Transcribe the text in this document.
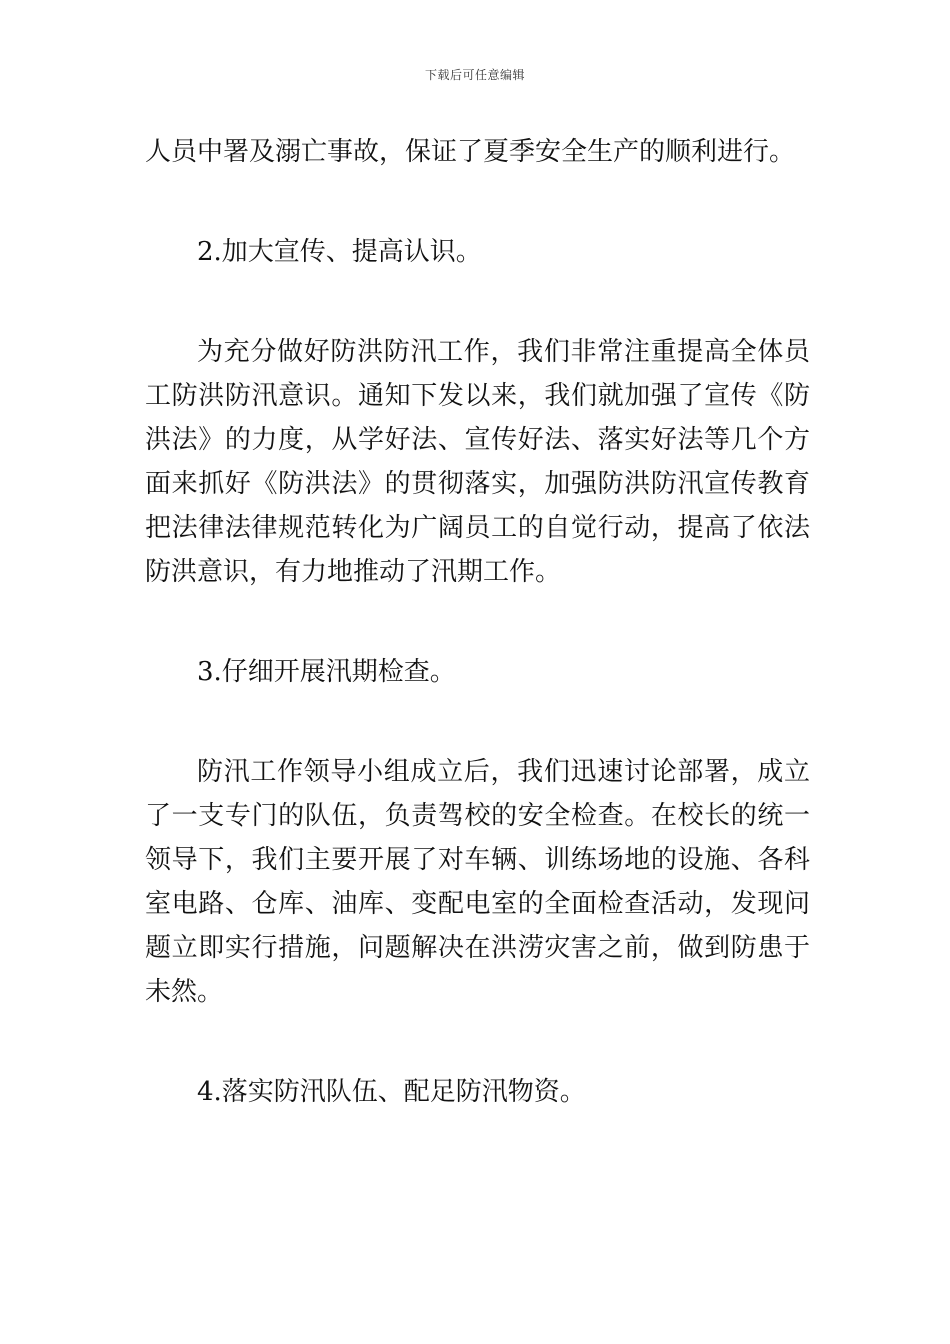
下载后可任意编辑

人员中署及溺亡事故，保证了夏季安全生产的顺利进行。

2.加大宣传、提高认识。

为充分做好防洪防汛工作，我们非常注重提高全体员工防洪防汛意识。通知下发以来，我们就加强了宣传《防洪法》的力度，从学好法、宣传好法、落实好法等几个方面来抓好《防洪法》的贯彻落实，加强防洪防汛宣传教育把法律法律规范转化为广阔员工的自觉行动，提高了依法防洪意识，有力地推动了汛期工作。

3.仔细开展汛期检查。

防汛工作领导小组成立后，我们迅速讨论部署，成立了一支专门的队伍，负责驾校的安全检查。在校长的统一领导下，我们主要开展了对车辆、训练场地的设施、各科室电路、仓库、油库、变配电室的全面检查活动，发现问题立即实行措施，问题解决在洪涝灾害之前，做到防患于未然。

4.落实防汛队伍、配足防汛物资。
